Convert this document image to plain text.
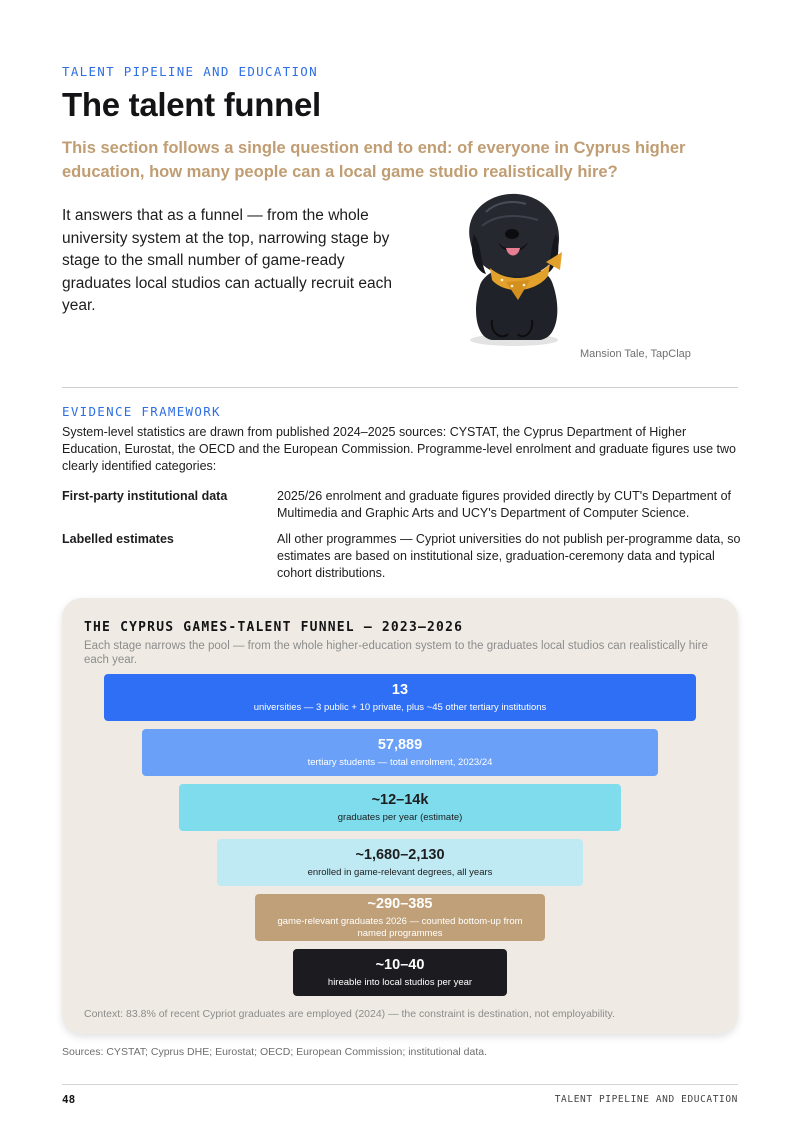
TALENT PIPELINE AND EDUCATION
The talent funnel

This section follows a single question end to end: of everyone in Cyprus higher education, how many people can a local game studio realistically hire?

It answers that as a funnel — from the whole university system at the top, narrowing stage by stage to the small number of game-ready graduates local studios can actually recruit each year.

Mansion Tale, TapClap
EVIDENCE FRAMEWORK

System-level statistics are drawn from published 2024–2025 sources: CYSTAT, the Cyprus Department of Higher Education, Eurostat, the OECD and the European Commission. Programme-level enrolment and graduate figures use two clearly identified categories:

First-party institutional data	2025/26 enrolment and graduate figures provided directly by CUT's Department of Multimedia and Graphic Arts and UCY's Department of Computer Science.

Labelled estimates	All other programmes — Cypriot universities do not publish per-programme data, so estimates are based on institutional size, graduation-ceremony data and typical cohort distributions.

THE CYPRUS GAMES-TALENT FUNNEL — 2023–2026

Each stage narrows the pool — from the whole higher-education system to the graduates local studios can realistically hire each year.

13
universities — 3 public + 10 private, plus ~45 other tertiary institutions
57,889
tertiary students — total enrolment, 2023/24
~12–14k
graduates per year (estimate)
~1,680–2,130
enrolled in game-relevant degrees, all years
~290–385
game-relevant graduates 2026 — counted bottom-up from named programmes
~10–40
hireable into local studios per year
Context: 83.8% of recent Cypriot graduates are employed (2024) — the constraint is destination, not employability.
Sources: CYSTAT; Cyprus DHE; Eurostat; OECD; European Commission; institutional data.
48	TALENT PIPELINE AND EDUCATION
